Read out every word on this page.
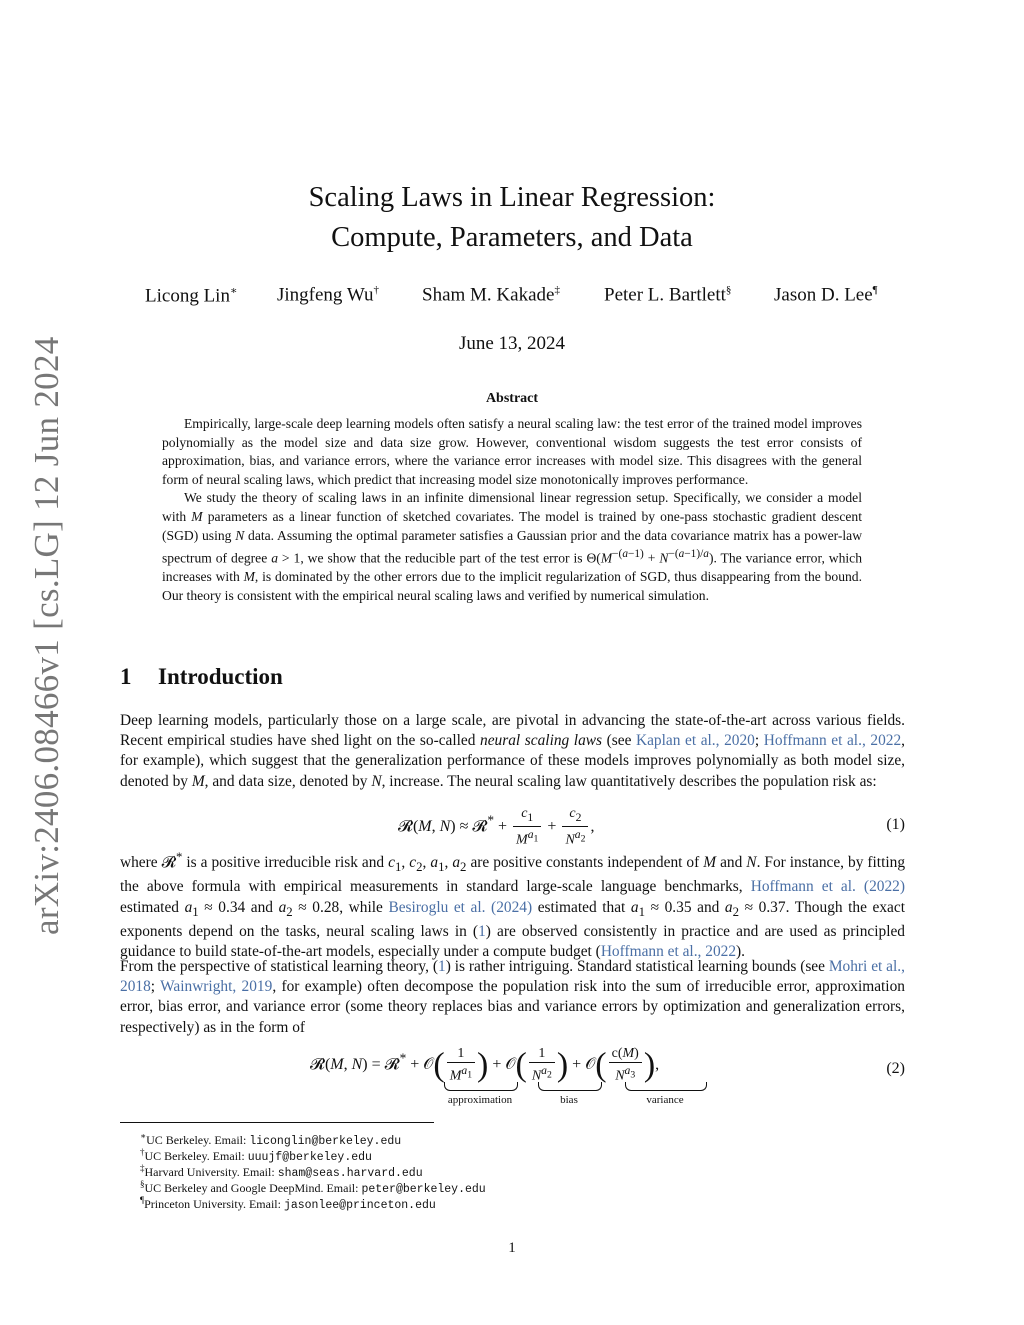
arXiv:2406.08466v1 [cs.LG] 12 Jun 2024
Scaling Laws in Linear Regression:
Compute, Parameters, and Data
Licong Lin∗ Jingfeng Wu† Sham M. Kakade‡ Peter L. Bartlett§ Jason D. Lee¶
June 13, 2024
Abstract

Empirically, large-scale deep learning models often satisfy a neural scaling law: the test error of the trained model improves polynomially as the model size and data size grow. However, conventional wisdom suggests the test error consists of approximation, bias, and variance errors, where the variance error increases with model size. This disagrees with the general form of neural scaling laws, which predict that increasing model size monotonically improves performance.

We study the theory of scaling laws in an infinite dimensional linear regression setup. Specifically, we consider a model with M parameters as a linear function of sketched covariates. The model is trained by one-pass stochastic gradient descent (SGD) using N data. Assuming the optimal parameter satisfies a Gaussian prior and the data covariance matrix has a power-law spectrum of degree a > 1, we show that the reducible part of the test error is $\Theta(M^{-(a-1)} + N^{-(a-1)/a})$. The variance error, which increases with M, is dominated by the other errors due to the implicit regularization of SGD, thus disappearing from the bound. Our theory is consistent with the empirical neural scaling laws and verified by numerical simulation.

1 Introduction

Deep learning models, particularly those on a large scale, are pivotal in advancing the state-of-the-art across various fields. Recent empirical studies have shed light on the so-called neural scaling laws (see Kaplan et al., 2020; Hoffmann et al., 2022, for example), which suggest that the generalization performance of these models improves polynomially as both model size, denoted by M, and data size, denoted by N, increase. The neural scaling law quantitatively describes the population risk as:

𝓡(M, N) ≈ 𝓡* + $\frac{c_1}{M^{a_1}} + \frac{c_2}{N^{a_2}}$ ,	(1)

where 𝓡* is a positive irreducible risk and $c_1$, $c_2$, $a_1$, $a_2$ are positive constants independent of M and N. For instance, by fitting the above formula with empirical measurements in standard large-scale language benchmarks, Hoffmann et al. (2022) estimated $a_1 \approx 0.34$ and $a_2 \approx 0.28$, while Besiroglu et al. (2024) estimated that $a_1 \approx 0.35$ and $a_2 \approx 0.37$. Though the exact exponents depend on the tasks, neural scaling laws in (1) are observed consistently in practice and are used as principled guidance to build state-of-the-art models, especially under a compute budget (Hoffmann et al., 2022).

From the perspective of statistical learning theory, (1) is rather intriguing. Standard statistical learning bounds (see Mohri et al., 2018; Wainwright, 2019, for example) often decompose the population risk into the sum of irreducible error, approximation error, bias error, and variance error (some theory replaces bias and variance errors by optimization and generalization errors, respectively) as in the form of

𝓡(M, N) = 𝓡* + 𝒪( $\frac{1}{M^{a_1}}$ ) + 𝒪( $\frac{1}{N^{a_2}}$ ) + 𝒪( $\frac{c(M)}{N^{a_3}}$ ),
approximation	bias	variance
(2)
∗UC Berkeley. Email: liconglin@berkeley.edu
†UC Berkeley. Email: uuujf@berkeley.edu
‡Harvard University. Email: sham@seas.harvard.edu
§UC Berkeley and Google DeepMind. Email: peter@berkeley.edu
¶Princeton University. Email: jasonlee@princeton.edu
1
